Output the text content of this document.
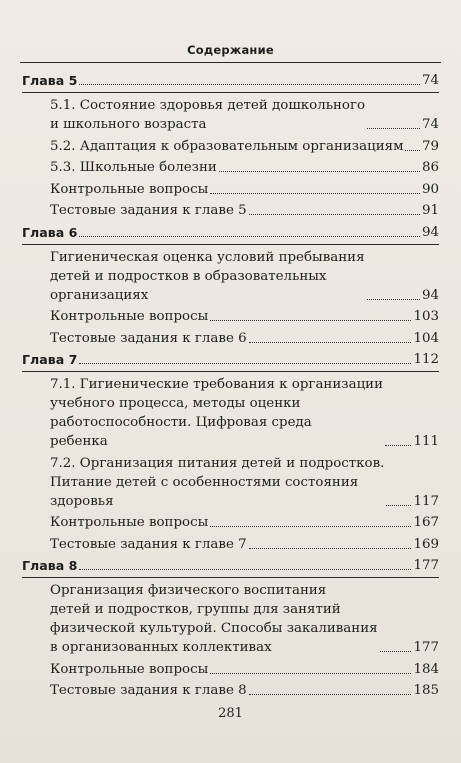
Содержание
Глава 5	74
5.1. Состояние здоровья детей дошкольного
и школьного возраста	74
5.2. Адаптация к образовательным организациям 79
5.3. Школьные болезни	86
Контрольные вопросы	90
Тестовые задания к главе 5	91
Глава 6	94
Гигиеническая оценка условий пребывания
детей и подростков в образовательных
организациях	94
Контрольные вопросы	103
Тестовые задания к главе 6	104
Глава 7	112
7.1. Гигиенические требования к организации
учебного процесса, методы оценки
работоспособности. Цифровая среда
ребенка	111
7.2. Организация питания детей и подростков.
Питание детей с особенностями состояния
здоровья	117
Контрольные вопросы	167
Тестовые задания к главе 7	169
Глава 8	177
Организация физического воспитания
детей и подростков, группы для занятий
физической культурой. Способы закаливания
в организованных коллективах	177
Контрольные вопросы	184
Тестовые задания к главе 8	185
281
